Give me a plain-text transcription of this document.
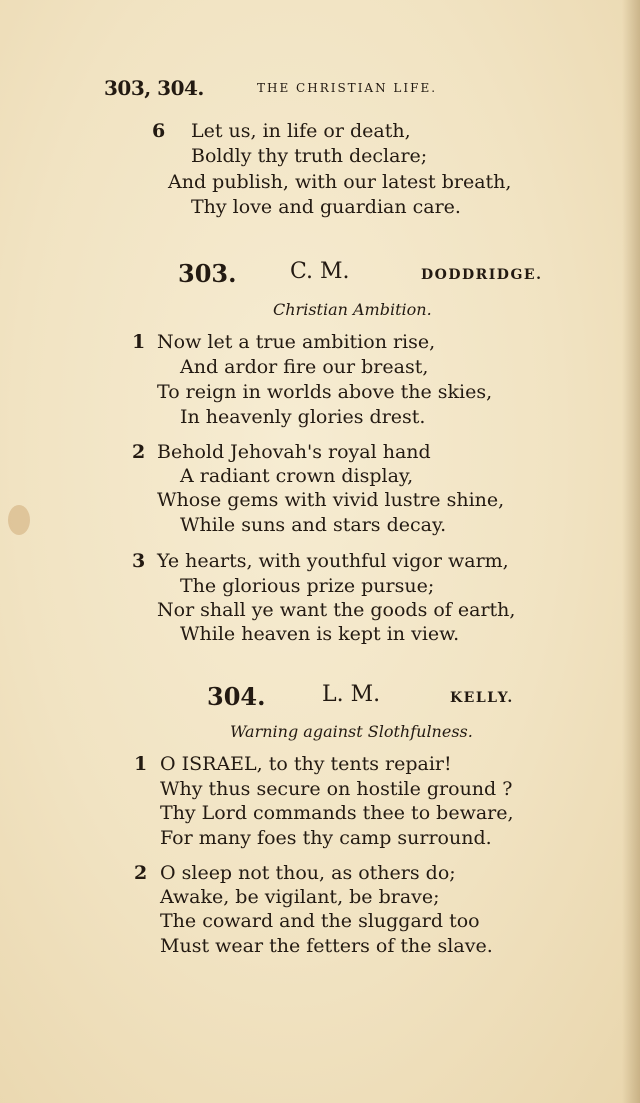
303, 304.	THE CHRISTIAN LIFE.
6 Let us, in life or death,
Boldly thy truth declare;
And publish, with our latest breath,
Thy love and guardian care.
303. C. M.	DODDRIDGE.
Christian Ambition.
1 Now let a true ambition rise,
And ardor fire our breast,
To reign in worlds above the skies,
In heavenly glories drest.
2 Behold Jehovah's royal hand
A radiant crown display,
Whose gems with vivid lustre shine,
While suns and stars decay.
3 Ye hearts, with youthful vigor warm,
The glorious prize pursue;
Nor shall ye want the goods of earth,
While heaven is kept in view.
304.	L. M.	KELLY.
Warning against Slothfulness.
1 O ISRAEL, to thy tents repair!
Why thus secure on hostile ground ?
Thy Lord commands thee to beware,
For many foes thy camp surround.
2 O sleep not thou, as others do;
Awake, be vigilant, be brave;
The coward and the sluggard too
Must wear the fetters of the slave.
